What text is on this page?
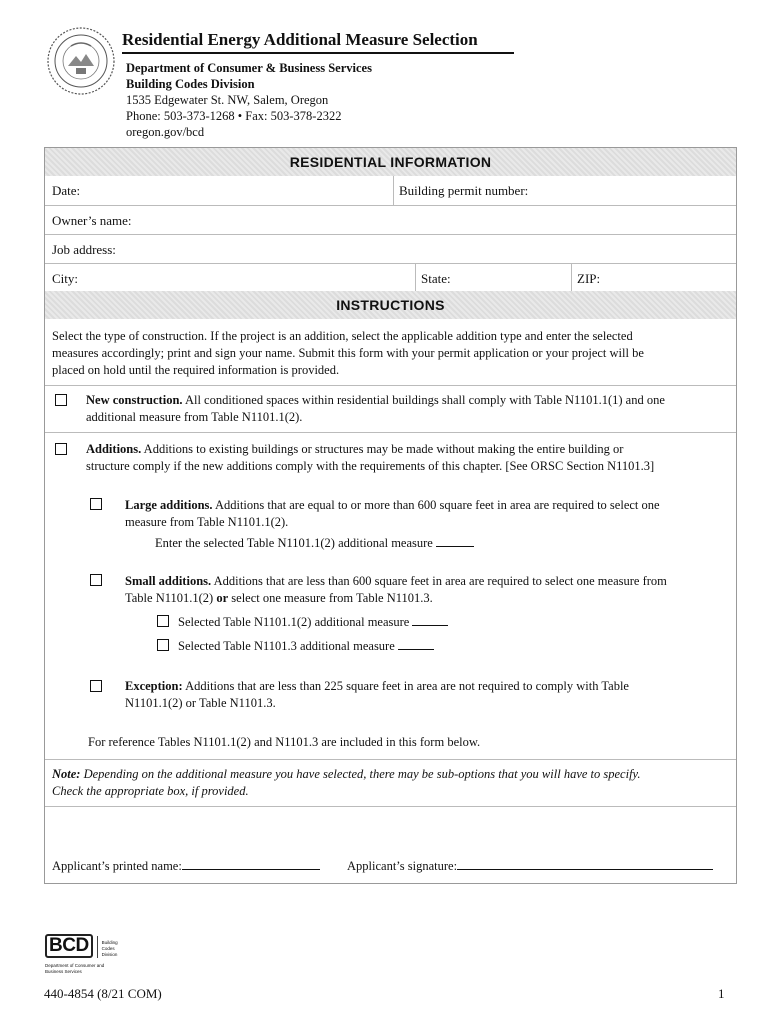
Residential Energy Additional Measure Selection
Department of Consumer & Business Services
Building Codes Division
1535 Edgewater St. NW, Salem, Oregon
Phone: 503-373-1268 • Fax: 503-378-2322
oregon.gov/bcd
RESIDENTIAL INFORMATION
Date:	Building permit number:
Owner’s name:
Job address:
City:	State:	ZIP:
INSTRUCTIONS
Select the type of construction. If the project is an addition, select the applicable addition type and enter the selected
measures accordingly; print and sign your name. Submit this form with your permit application or your project will be
placed on hold until the required information is provided.
New construction. All conditioned spaces within residential buildings shall comply with Table N1101.1(1) and one
additional measure from Table N1101.1(2).
Additions. Additions to existing buildings or structures may be made without making the entire building or
structure comply if the new additions comply with the requirements of this chapter. [See ORSC Section N1101.3]
Large additions. Additions that are equal to or more than 600 square feet in area are required to select one
measure from Table N1101.1(2).
Enter the selected Table N1101.1(2) additional measure
Small additions. Additions that are less than 600 square feet in area are required to select one measure from
Table N1101.1(2) or select one measure from Table N1101.3.
Selected Table N1101.1(2) additional measure
Selected Table N1101.3 additional measure
Exception: Additions that are less than 225 square feet in area are not required to comply with Table
N1101.1(2) or Table N1101.3.
For reference Tables N1101.1(2) and N1101.3 are included in this form below.
Note: Depending on the additional measure you have selected, there may be sub-options that you will have to specify.
Check the appropriate box, if provided.
Applicant’s printed name:	Applicant’s signature:
BCD	Building
Codes
Division
Department of Consumer and Business Services
440-4854 (8/21 COM)	1
